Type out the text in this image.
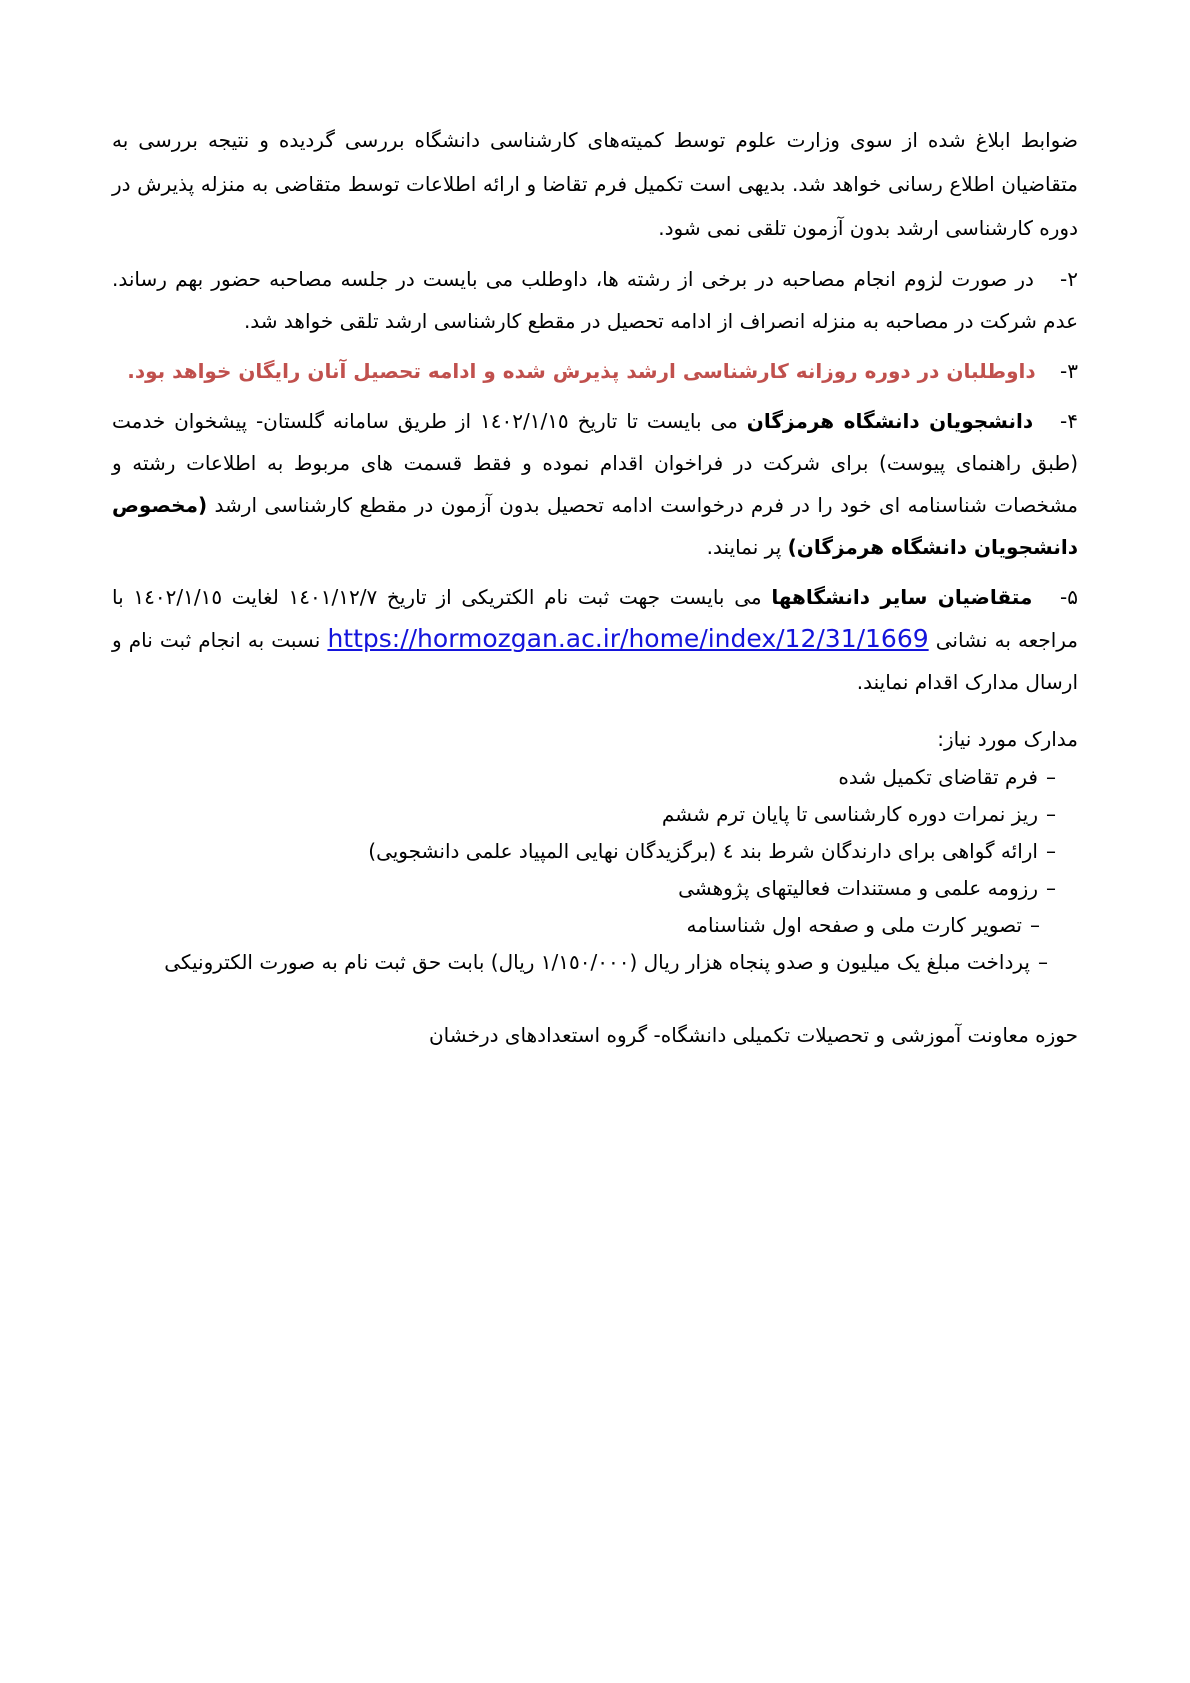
ضوابط ابلاغ شده از سوی وزارت علوم توسط کمیته‌های کارشناسی دانشگاه بررسی گردیده و نتیجه بررسی به متقاضیان اطلاع رسانی خواهد شد. بدیهی است تکمیل فرم تقاضا و ارائه اطلاعات توسط متقاضی به منزله پذیرش در دوره کارشناسی ارشد بدون آزمون تلقی نمی شود.

۲- در صورت لزوم انجام مصاحبه در برخی از رشته ها، داوطلب می بایست در جلسه مصاحبه حضور بهم رساند. عدم شرکت در مصاحبه به منزله انصراف از ادامه تحصیل در مقطع کارشناسی ارشد تلقی خواهد شد.

۳- داوطلبان در دوره روزانه کارشناسی ارشد پذیرش شده و ادامه تحصیل آنان رایگان خواهد بود.

۴- دانشجویان دانشگاه هرمزگان می بایست تا تاریخ ١٤٠٢/١/١٥ از طریق سامانه گلستان- پیشخوان خدمت (طبق راهنمای پیوست) برای شرکت در فراخوان اقدام نموده و فقط قسمت های مربوط به اطلاعات رشته و مشخصات شناسنامه ای خود را در فرم درخواست ادامه تحصیل بدون آزمون در مقطع کارشناسی ارشد (مخصوص دانشجویان دانشگاه هرمزگان) پر نمایند.

۵- متقاضیان سایر دانشگاهها می بایست جهت ثبت نام الکتریکی از تاریخ ١٤٠١/١٢/٧ لغایت ١٤٠٢/١/١٥ با مراجعه به نشانی https://hormozgan.ac.ir/home/index/12/31/1669 نسبت به انجام ثبت نام و ارسال مدارک اقدام نمایند.

مدارک مورد نیاز:

–فرم تقاضای تکمیل شده

–ریز نمرات دوره کارشناسی تا پایان ترم ششم

–ارائه گواهی برای دارندگان شرط بند ٤ (برگزیدگان نهایی المپیاد علمی دانشجویی)

–رزومه علمی و مستندات فعالیتهای پژوهشی

–تصویر کارت ملی و صفحه اول شناسنامه

–پرداخت مبلغ یک میلیون و صدو پنجاه هزار ریال (١/١٥٠/٠٠٠ ریال) بابت حق ثبت نام به صورت الکترونیکی

حوزه معاونت آموزشی و تحصیلات تکمیلی دانشگاه- گروه استعدادهای درخشان
